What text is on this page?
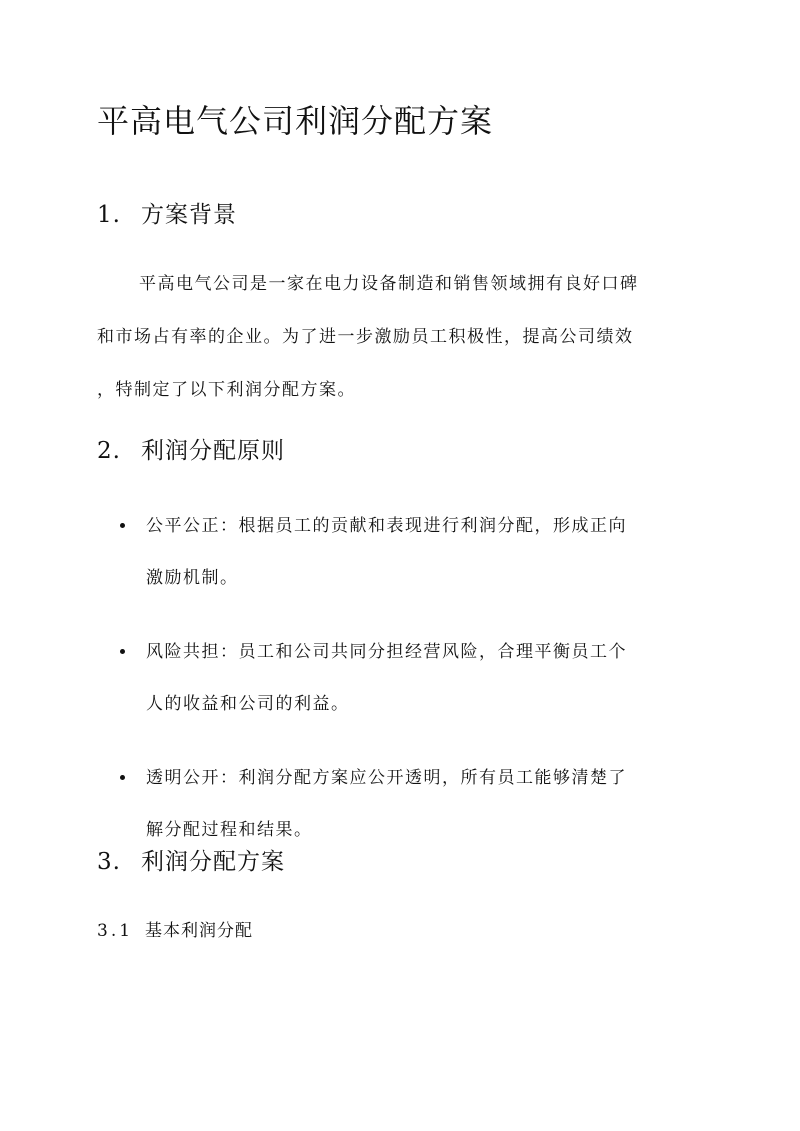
平高电气公司利润分配方案
1. 方案背景

平高电气公司是一家在电力设备制造和销售领域拥有良好口碑
和市场占有率的企业。为了进一步激励员工积极性，提高公司绩效
，特制定了以下利润分配方案。

2. 利润分配原则
公平公正：根据员工的贡献和表现进行利润分配，形成正向
激励机制。
风险共担：员工和公司共同分担经营风险，合理平衡员工个
人的收益和公司的利益。
透明公开：利润分配方案应公开透明，所有员工能够清楚了
解分配过程和结果。
3. 利润分配方案
3.1 基本利润分配
